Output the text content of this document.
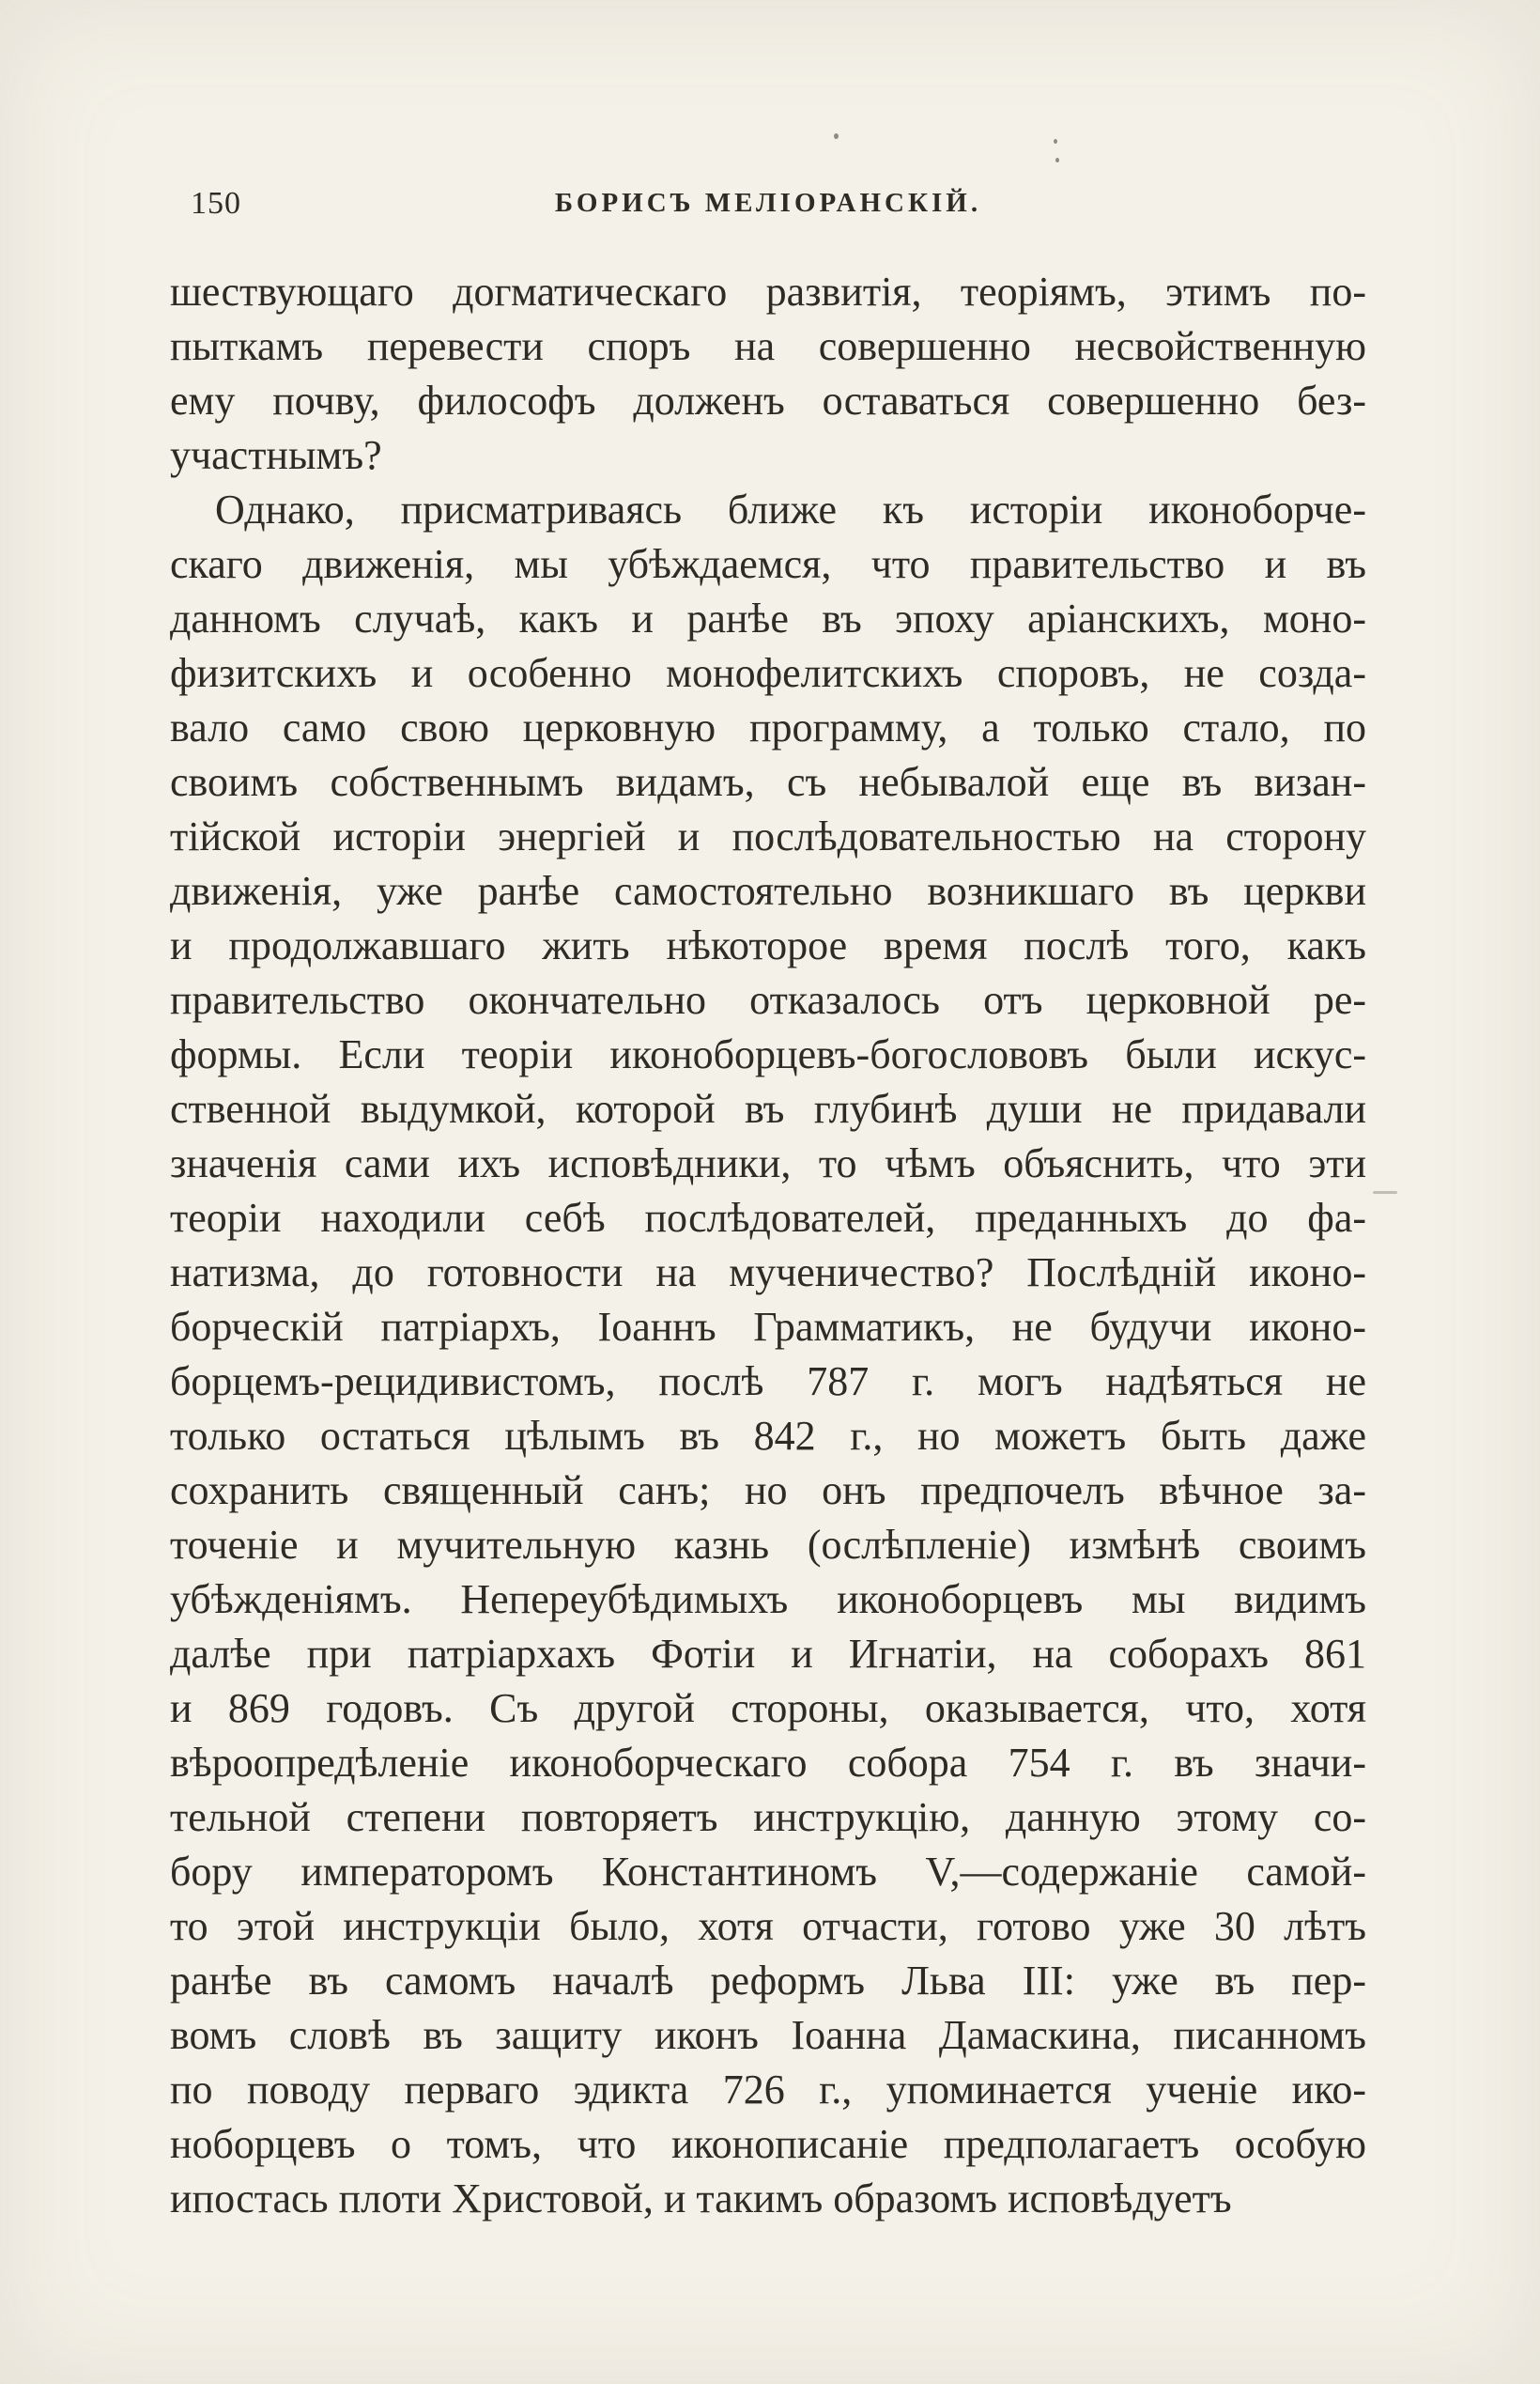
150	БОРИСЪ МЕЛІОРАНСКІЙ.
шествующаго догматическаго развитія, теоріямъ, этимъ по-
пыткамъ перевести споръ на совершенно несвойственную
ему почву, философъ долженъ оставаться совершенно без-
участнымъ?
Однако, присматриваясь ближе къ исторіи иконоборче-
скаго движенія, мы убѣждаемся, что правительство и въ
данномъ случаѣ, какъ и ранѣе въ эпоху аріанскихъ, моно-
физитскихъ и особенно монофелитскихъ споровъ, не созда-
вало само свою церковную программу, а только стало, по
своимъ собственнымъ видамъ, съ небывалой еще въ визан-
тійской исторіи энергіей и послѣдовательностью на сторону
движенія, уже ранѣе самостоятельно возникшаго въ церкви
и продолжавшаго жить нѣкоторое время послѣ того, какъ
правительство окончательно отказалось отъ церковной ре-
формы. Если теоріи иконоборцевъ-богослововъ были искус-
ственной выдумкой, которой въ глубинѣ души не придавали
значенія сами ихъ исповѣдники, то чѣмъ объяснить, что эти
теоріи находили себѣ послѣдователей, преданныхъ до фа-
натизма, до готовности на мученичество? Послѣдній иконо-
борческій патріархъ, Іоаннъ Грамматикъ, не будучи иконо-
борцемъ-рецидивистомъ, послѣ 787 г. могъ надѣяться не
только остаться цѣлымъ въ 842 г., но можетъ быть даже
сохранить священный санъ; но онъ предпочелъ вѣчное за-
точеніе и мучительную казнь (ослѣпленіе) измѣнѣ своимъ
убѣжденіямъ. Непереубѣдимыхъ иконоборцевъ мы видимъ
далѣе при патріархахъ Фотіи и Игнатіи, на соборахъ 861
и 869 годовъ. Съ другой стороны, оказывается, что, хотя
вѣроопредѣленіе иконоборческаго собора 754 г. въ значи-
тельной степени повторяетъ инструкцію, данную этому со-
бору императоромъ Константиномъ V,—содержаніе самой-
то этой инструкціи было, хотя отчасти, готово уже 30 лѣтъ
ранѣе въ самомъ началѣ реформъ Льва III: уже въ пер-
вомъ словѣ въ защиту иконъ Іоанна Дамаскина, писанномъ
по поводу перваго эдикта 726 г., упоминается ученіе ико-
ноборцевъ о томъ, что иконописаніе предполагаетъ особую
ипостась плоти Христовой, и такимъ образомъ исповѣдуетъ
